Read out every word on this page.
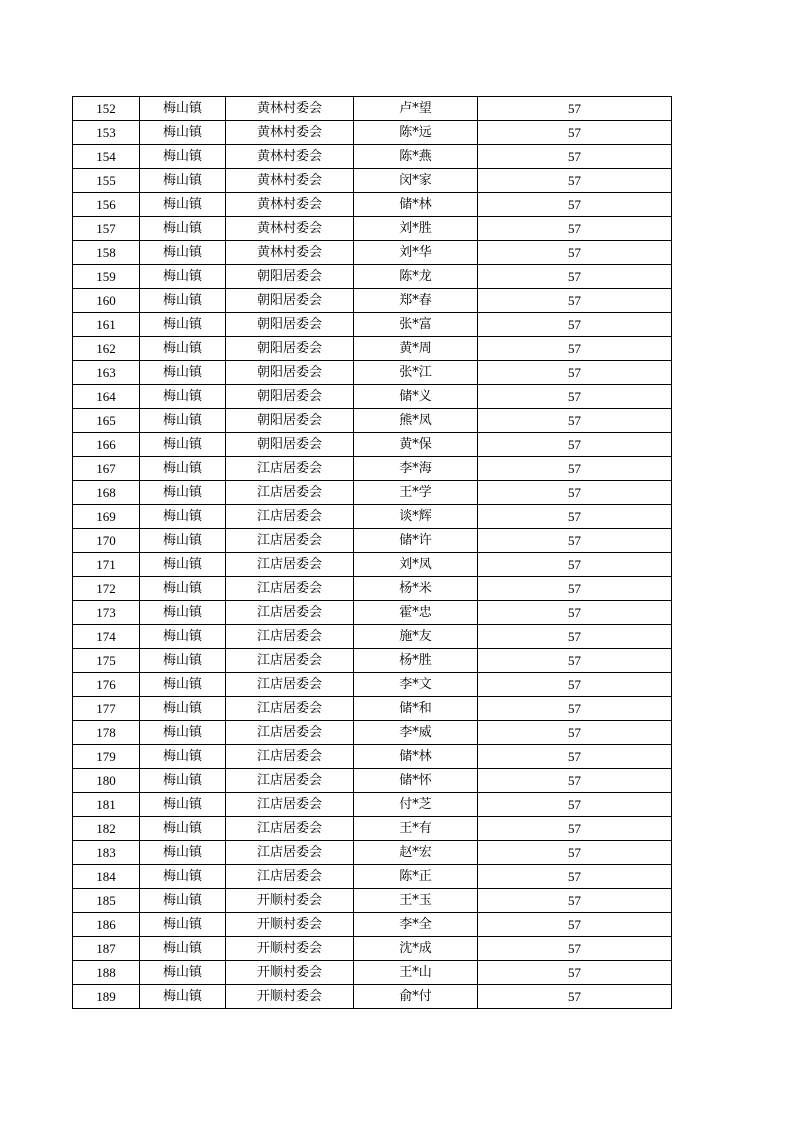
152	梅山镇	黄林村委会	卢*望	57
153	梅山镇	黄林村委会	陈*远	57
154	梅山镇	黄林村委会	陈*燕	57
155	梅山镇	黄林村委会	闵*家	57
156	梅山镇	黄林村委会	储*林	57
157	梅山镇	黄林村委会	刘*胜	57
158	梅山镇	黄林村委会	刘*华	57
159	梅山镇	朝阳居委会	陈*龙	57
160	梅山镇	朝阳居委会	郑*春	57
161	梅山镇	朝阳居委会	张*富	57
162	梅山镇	朝阳居委会	黄*周	57
163	梅山镇	朝阳居委会	张*江	57
164	梅山镇	朝阳居委会	储*义	57
165	梅山镇	朝阳居委会	熊*凤	57
166	梅山镇	朝阳居委会	黄*保	57
167	梅山镇	江店居委会	李*海	57
168	梅山镇	江店居委会	王*学	57
169	梅山镇	江店居委会	谈*辉	57
170	梅山镇	江店居委会	储*许	57
171	梅山镇	江店居委会	刘*凤	57
172	梅山镇	江店居委会	杨*米	57
173	梅山镇	江店居委会	霍*忠	57
174	梅山镇	江店居委会	施*友	57
175	梅山镇	江店居委会	杨*胜	57
176	梅山镇	江店居委会	李*文	57
177	梅山镇	江店居委会	储*和	57
178	梅山镇	江店居委会	李*威	57
179	梅山镇	江店居委会	储*林	57
180	梅山镇	江店居委会	储*怀	57
181	梅山镇	江店居委会	付*芝	57
182	梅山镇	江店居委会	王*有	57
183	梅山镇	江店居委会	赵*宏	57
184	梅山镇	江店居委会	陈*正	57
185	梅山镇	开顺村委会	王*玉	57
186	梅山镇	开顺村委会	李*全	57
187	梅山镇	开顺村委会	沈*成	57
188	梅山镇	开顺村委会	王*山	57
189	梅山镇	开顺村委会	俞*付	57
